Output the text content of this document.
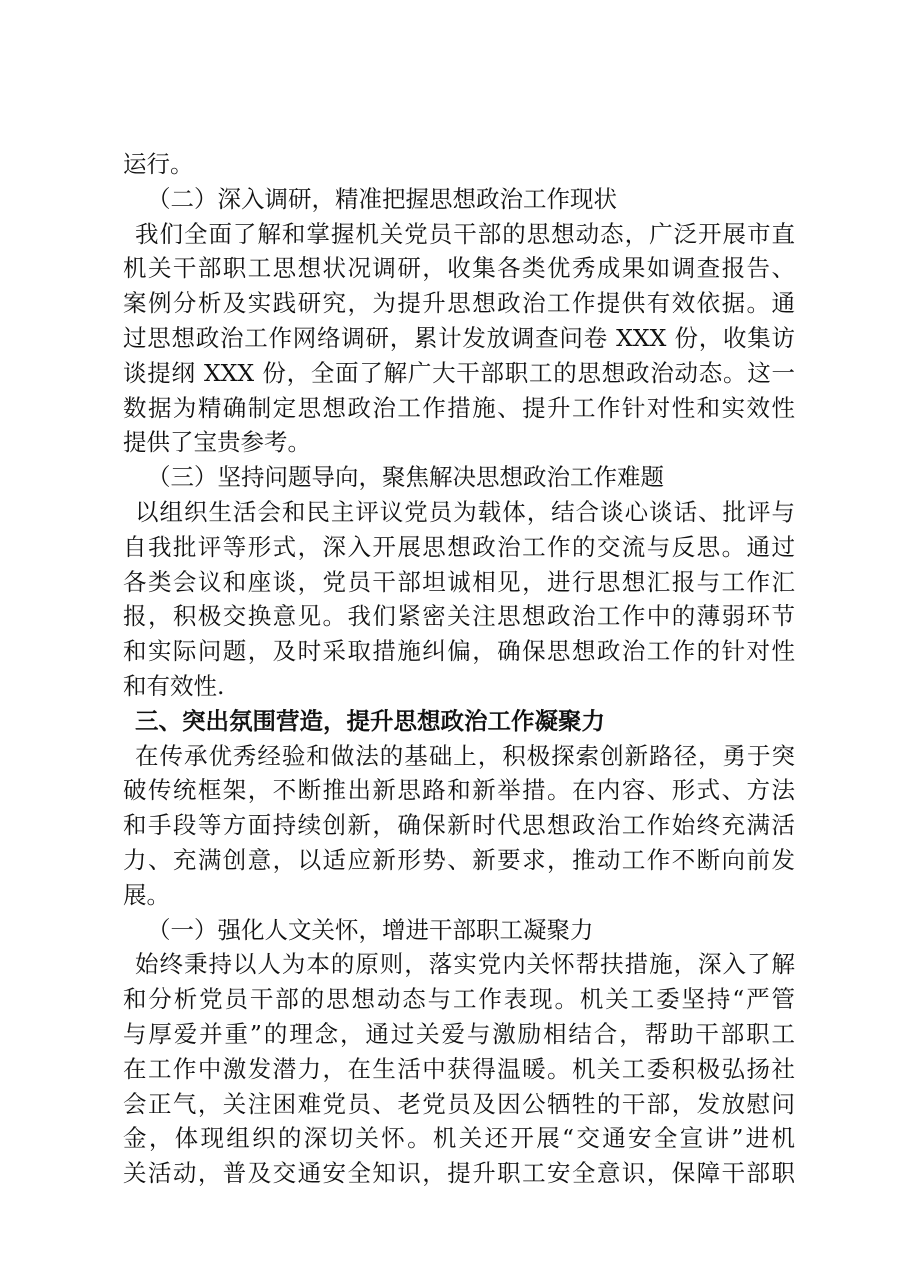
运行。
（二）深入调研，精准把握思想政治工作现状
我们全面了解和掌握机关党员干部的思想动态，广泛开展市直
机关干部职工思想状况调研，收集各类优秀成果如调查报告、
案例分析及实践研究，为提升思想政治工作提供有效依据。通
过思想政治工作网络调研，累计发放调查问卷 XXX 份，收集访
谈提纲 XXX 份，全面了解广大干部职工的思想政治动态。这一
数据为精确制定思想政治工作措施、提升工作针对性和实效性
提供了宝贵参考。
（三）坚持问题导向，聚焦解决思想政治工作难题
以组织生活会和民主评议党员为载体，结合谈心谈话、批评与
自我批评等形式，深入开展思想政治工作的交流与反思。通过
各类会议和座谈，党员干部坦诚相见，进行思想汇报与工作汇
报，积极交换意见。我们紧密关注思想政治工作中的薄弱环节
和实际问题，及时采取措施纠偏，确保思想政治工作的针对性
和有效性.
三、突出氛围营造，提升思想政治工作凝聚力
在传承优秀经验和做法的基础上，积极探索创新路径，勇于突
破传统框架，不断推出新思路和新举措。在内容、形式、方法
和手段等方面持续创新，确保新时代思想政治工作始终充满活
力、充满创意，以适应新形势、新要求，推动工作不断向前发
展。
（一）强化人文关怀，增进干部职工凝聚力
始终秉持以人为本的原则，落实党内关怀帮扶措施，深入了解
和分析党员干部的思想动态与工作表现。机关工委坚持“严管
与厚爱并重”的理念，通过关爱与激励相结合，帮助干部职工
在工作中激发潜力，在生活中获得温暖。机关工委积极弘扬社
会正气，关注困难党员、老党员及因公牺牲的干部，发放慰问
金，体现组织的深切关怀。机关还开展“交通安全宣讲”进机
关活动，普及交通安全知识，提升职工安全意识，保障干部职
